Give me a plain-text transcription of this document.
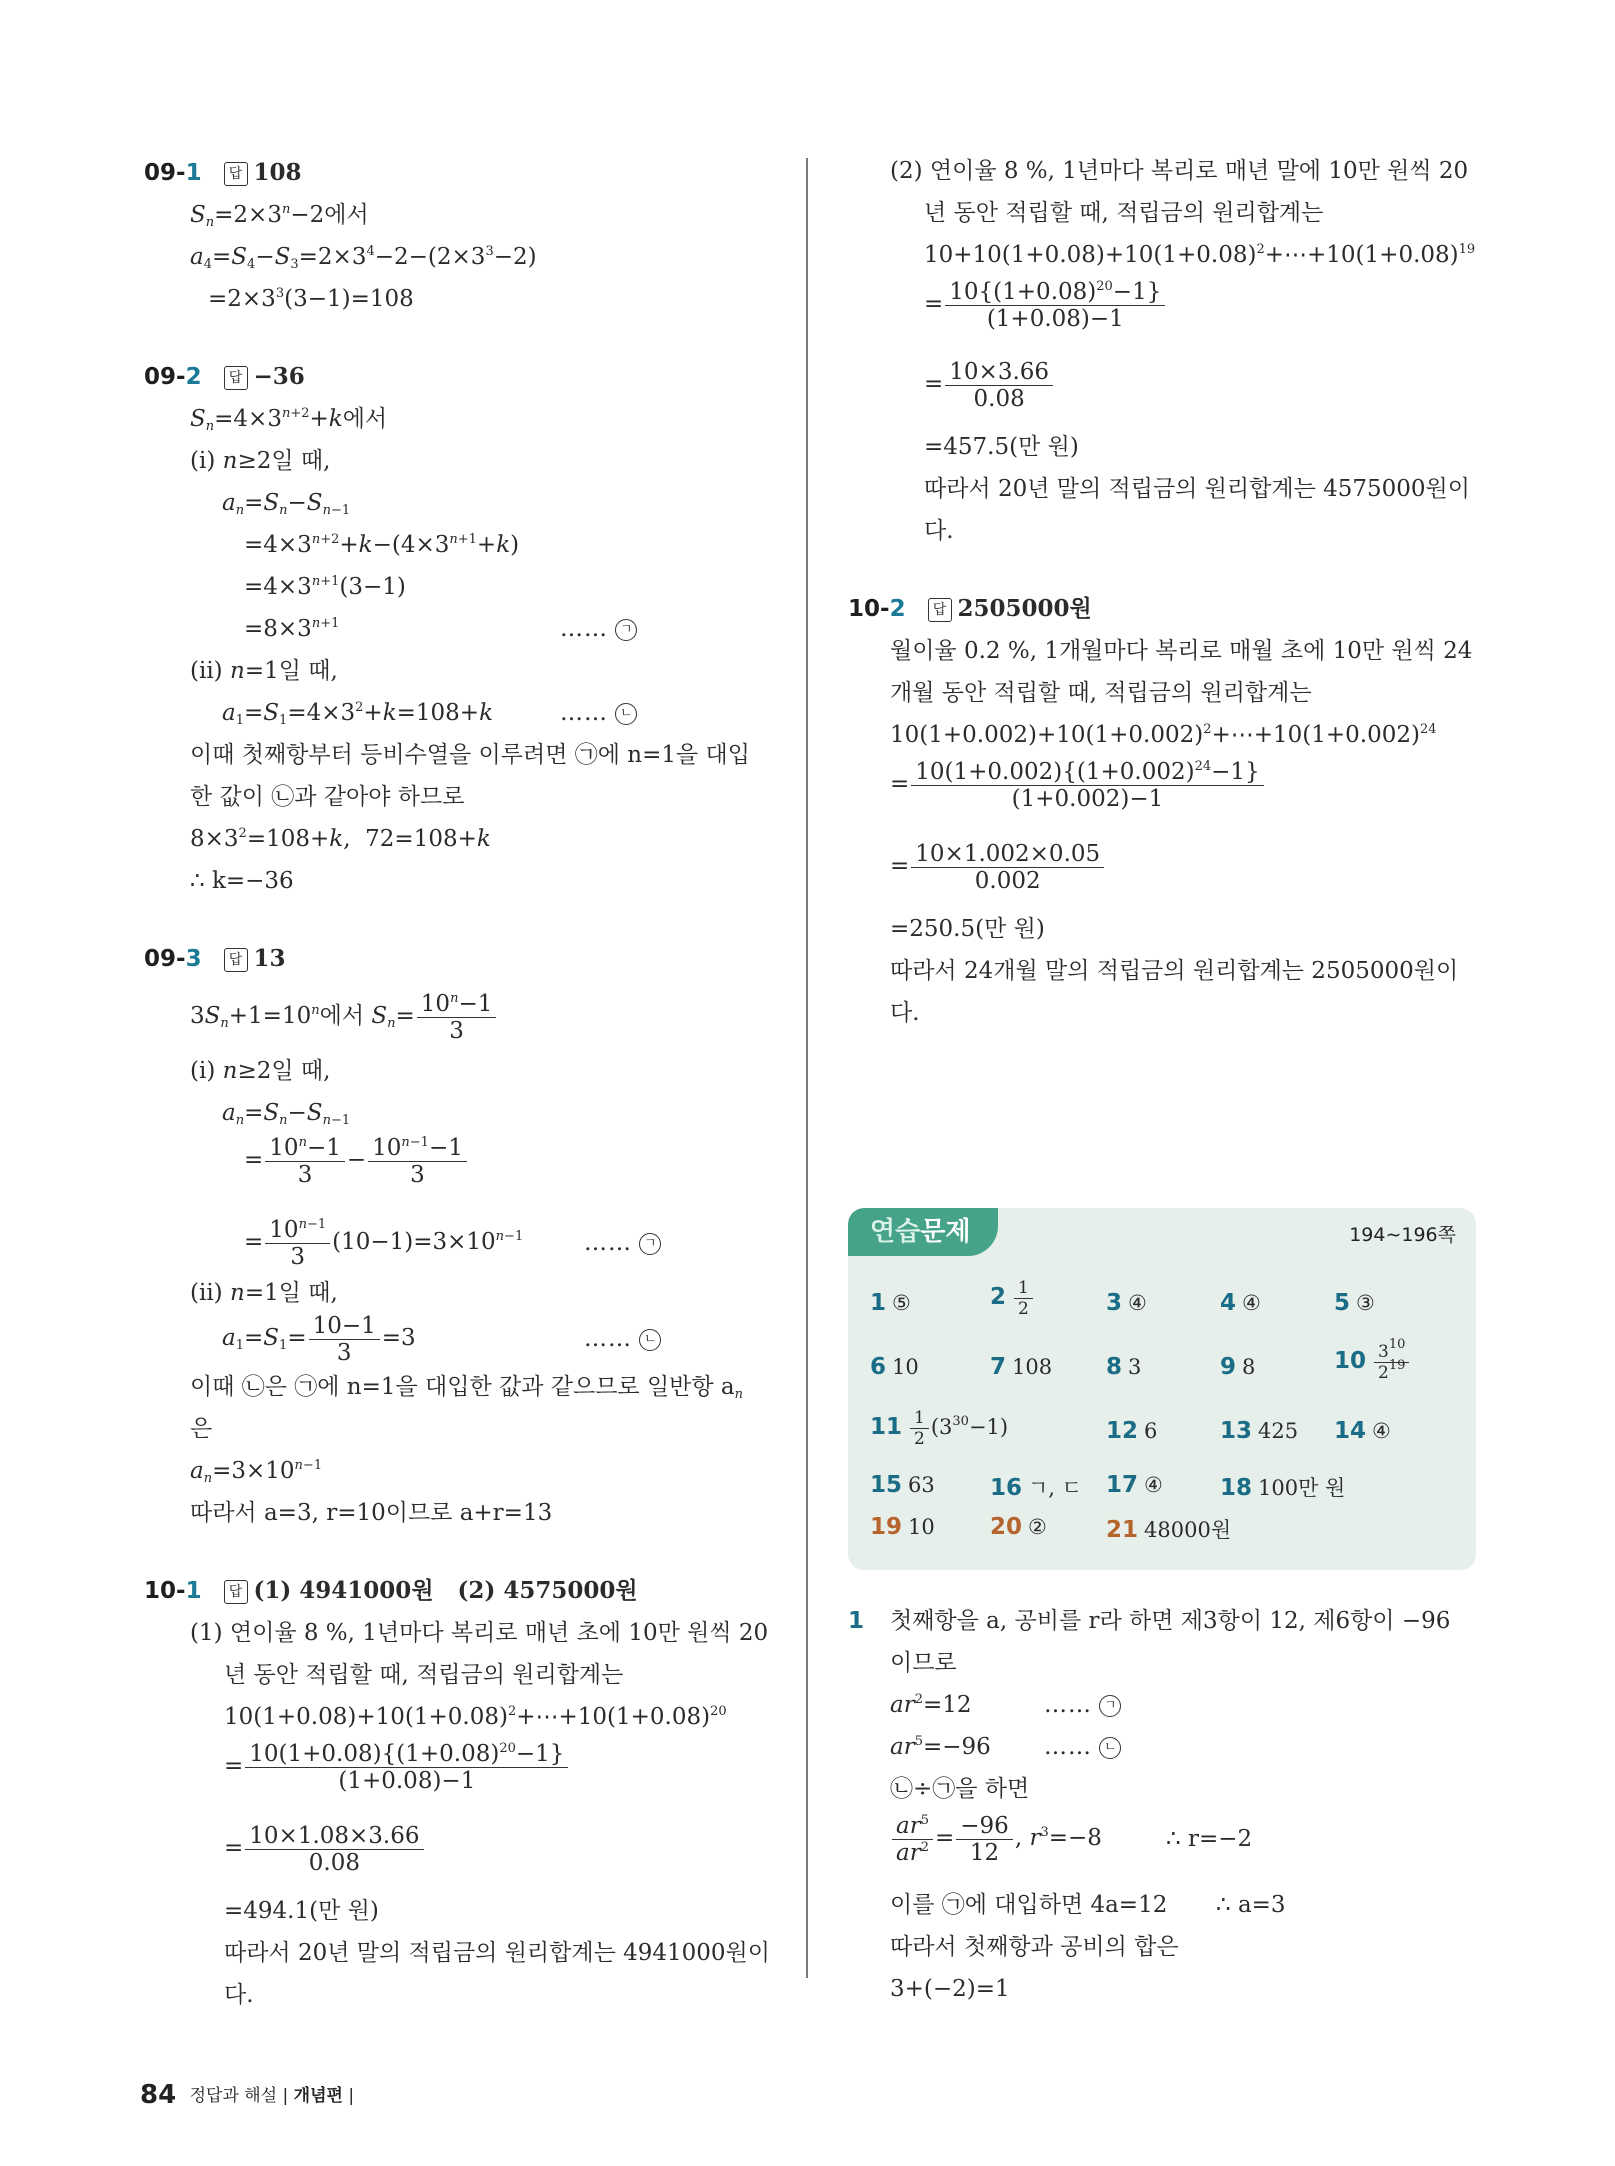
09-1 답 108
$S_n=2\times 3^n-2$에서
$a_4=S_4-S_3=2\times 3^4-2-(2\times 3^3-2)$
$=2\times 3^3(3-1)=108$
09-2 답 −36
$S_n=4\times 3^{n+2}+k$에서
(i) n≥2일 때,
$a_n=S_n-S_{n-1}$
$=4\times 3^{n+2}+k-(4\times 3^{n+1}+k)$
$=4\times 3^{n+1}(3-1)$
$=8\times 3^{n+1}$	…… ㄱ
(ii) n=1일 때,
$a_1=S_1=4\times 3^2+k=108+k$	…… ㄴ
이때 첫째항부터 등비수열을 이루려면 ㉠에 n=1을 대입
한 값이 ㉡과 같아야 하므로
$8\times 3^2=108+k$,  72=108+k
∴ k=−36
09-3 답 13
$3S_n+1=10^n$에서 $S_n= \frac{10^n-1}{3}$
(i) n≥2일 때,
$a_n=S_n-S_{n-1}$
= $\frac{10^n-1}{3} - \frac{10^{n-1}-1}{3}$
= $\frac{10^{n-1}}{3} (10-1)=3\times 10^{n-1}$	…… ㄱ
(ii) n=1일 때,
$a_1=S_1= \frac{10-1}{3} =3$	…… ㄴ
이때 ㉡은 ㉠에 n=1을 대입한 값과 같으므로 일반항 $a_n$
은
$a_n=3\times 10^{n-1}$
따라서 a=3, r=10이므로 a+r=13
10-1 답 (1) 4941000원   (2) 4575000원
(1) 연이율 8 %, 1년마다 복리로 매년 초에 10만 원씩 20
년 동안 적립할 때, 적립금의 원리합계는
$10(1+0.08)+10(1+0.08)^2+\cdots+10(1+0.08)^{20}$
= $\frac{10(1+0.08)\{(1+0.08)^{20}-1\}}{(1+0.08)-1}$
= $\frac{10\times 1.08\times 3.66}{0.08}$
=494.1(만 원)
따라서 20년 말의 적립금의 원리합계는 4941000원이
다.
(2) 연이율 8 %, 1년마다 복리로 매년 말에 10만 원씩 20
년 동안 적립할 때, 적립금의 원리합계는
$10+10(1+0.08)+10(1+0.08)^2+\cdots+10(1+0.08)^{19}$
= $\frac{10\{(1+0.08)^{20}-1\}}{(1+0.08)-1}$
= $\frac{10\times 3.66}{0.08}$
=457.5(만 원)
따라서 20년 말의 적립금의 원리합계는 4575000원이
다.
10-2 답 2505000원
월이율 0.2 %, 1개월마다 복리로 매월 초에 10만 원씩 24
개월 동안 적립할 때, 적립금의 원리합계는
$10(1+0.002)+10(1+0.002)^2+\cdots+10(1+0.002)^{24}$
= $\frac{10(1+0.002)\{(1+0.002)^{24}-1\}}{(1+0.002)-1}$
= $\frac{10\times 1.002\times 0.05}{0.002}$
=250.5(만 원)
따라서 24개월 말의 적립금의 원리합계는 2505000원이
다.
1 첫째항을 a, 공비를 r라 하면 제3항이 12, 제6항이 −96
이므로
$ar^2=12$	…… ㄱ
$ar^5=-96$ …… ㄴ
㉡÷㉠을 하면
$\frac{ar^5}{ar^2} = \frac{-96}{12}$ , $r^3=-8$	∴ r=−2
이를 ㉠에 대입하면 4a=12 ∴ a=3
따라서 첫째항과 공비의 합은
3+(−2)=1
연습문제	194∼196쪽
1 ⑤	$2 \frac{1}{2}$	3 ④	4 ④	5 ③
6 10	7 108 8 3	9 8	$10 \frac{3^{10}}{2^{19}}$
$11 \frac{1}{2} (3^{30}-1)$	12 6	13 425 14 ④
15 63 16 ㄱ, ㄷ 17 ④ 18 100만 원
19 10 20 ②	21 48000원
84 정답과 해설 | 개념편 |
